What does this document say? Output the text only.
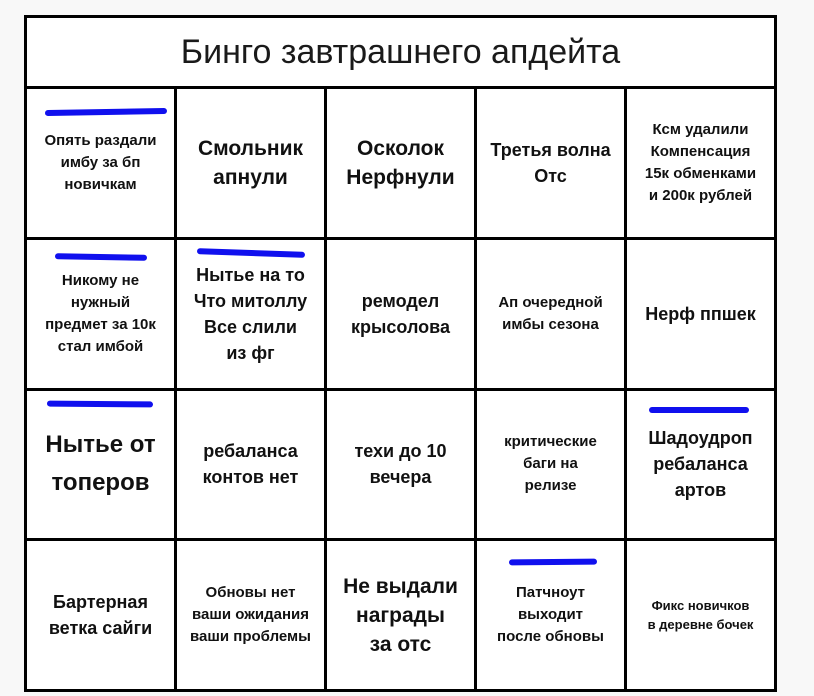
Бинго завтрашнего апдейта
Опять раздали
имбу за бп
новичкам
Смольник
апнули
Осколок
Нерфнули
Третья волна
Отс
Ксм удалили
Компенсация
15к обменками
и 200к рублей
Никому не
нужный
предмет за 10к
стал имбой
Нытье на то
Что митоллу
Все слили
из фг
ремодел
крысолова
Ап очередной
имбы сезона
Нерф ппшек
Нытье от
топеров
ребаланса
контов нет
техи до 10
вечера
критические
баги на
релизе
Шадоудроп
ребаланса
артов
Бартерная
ветка сайги
Обновы нет
ваши ожидания
ваши проблемы
Не выдали
награды
за отс
Патчноут
выходит
после обновы
Фикс новичков
в деревне бочек
